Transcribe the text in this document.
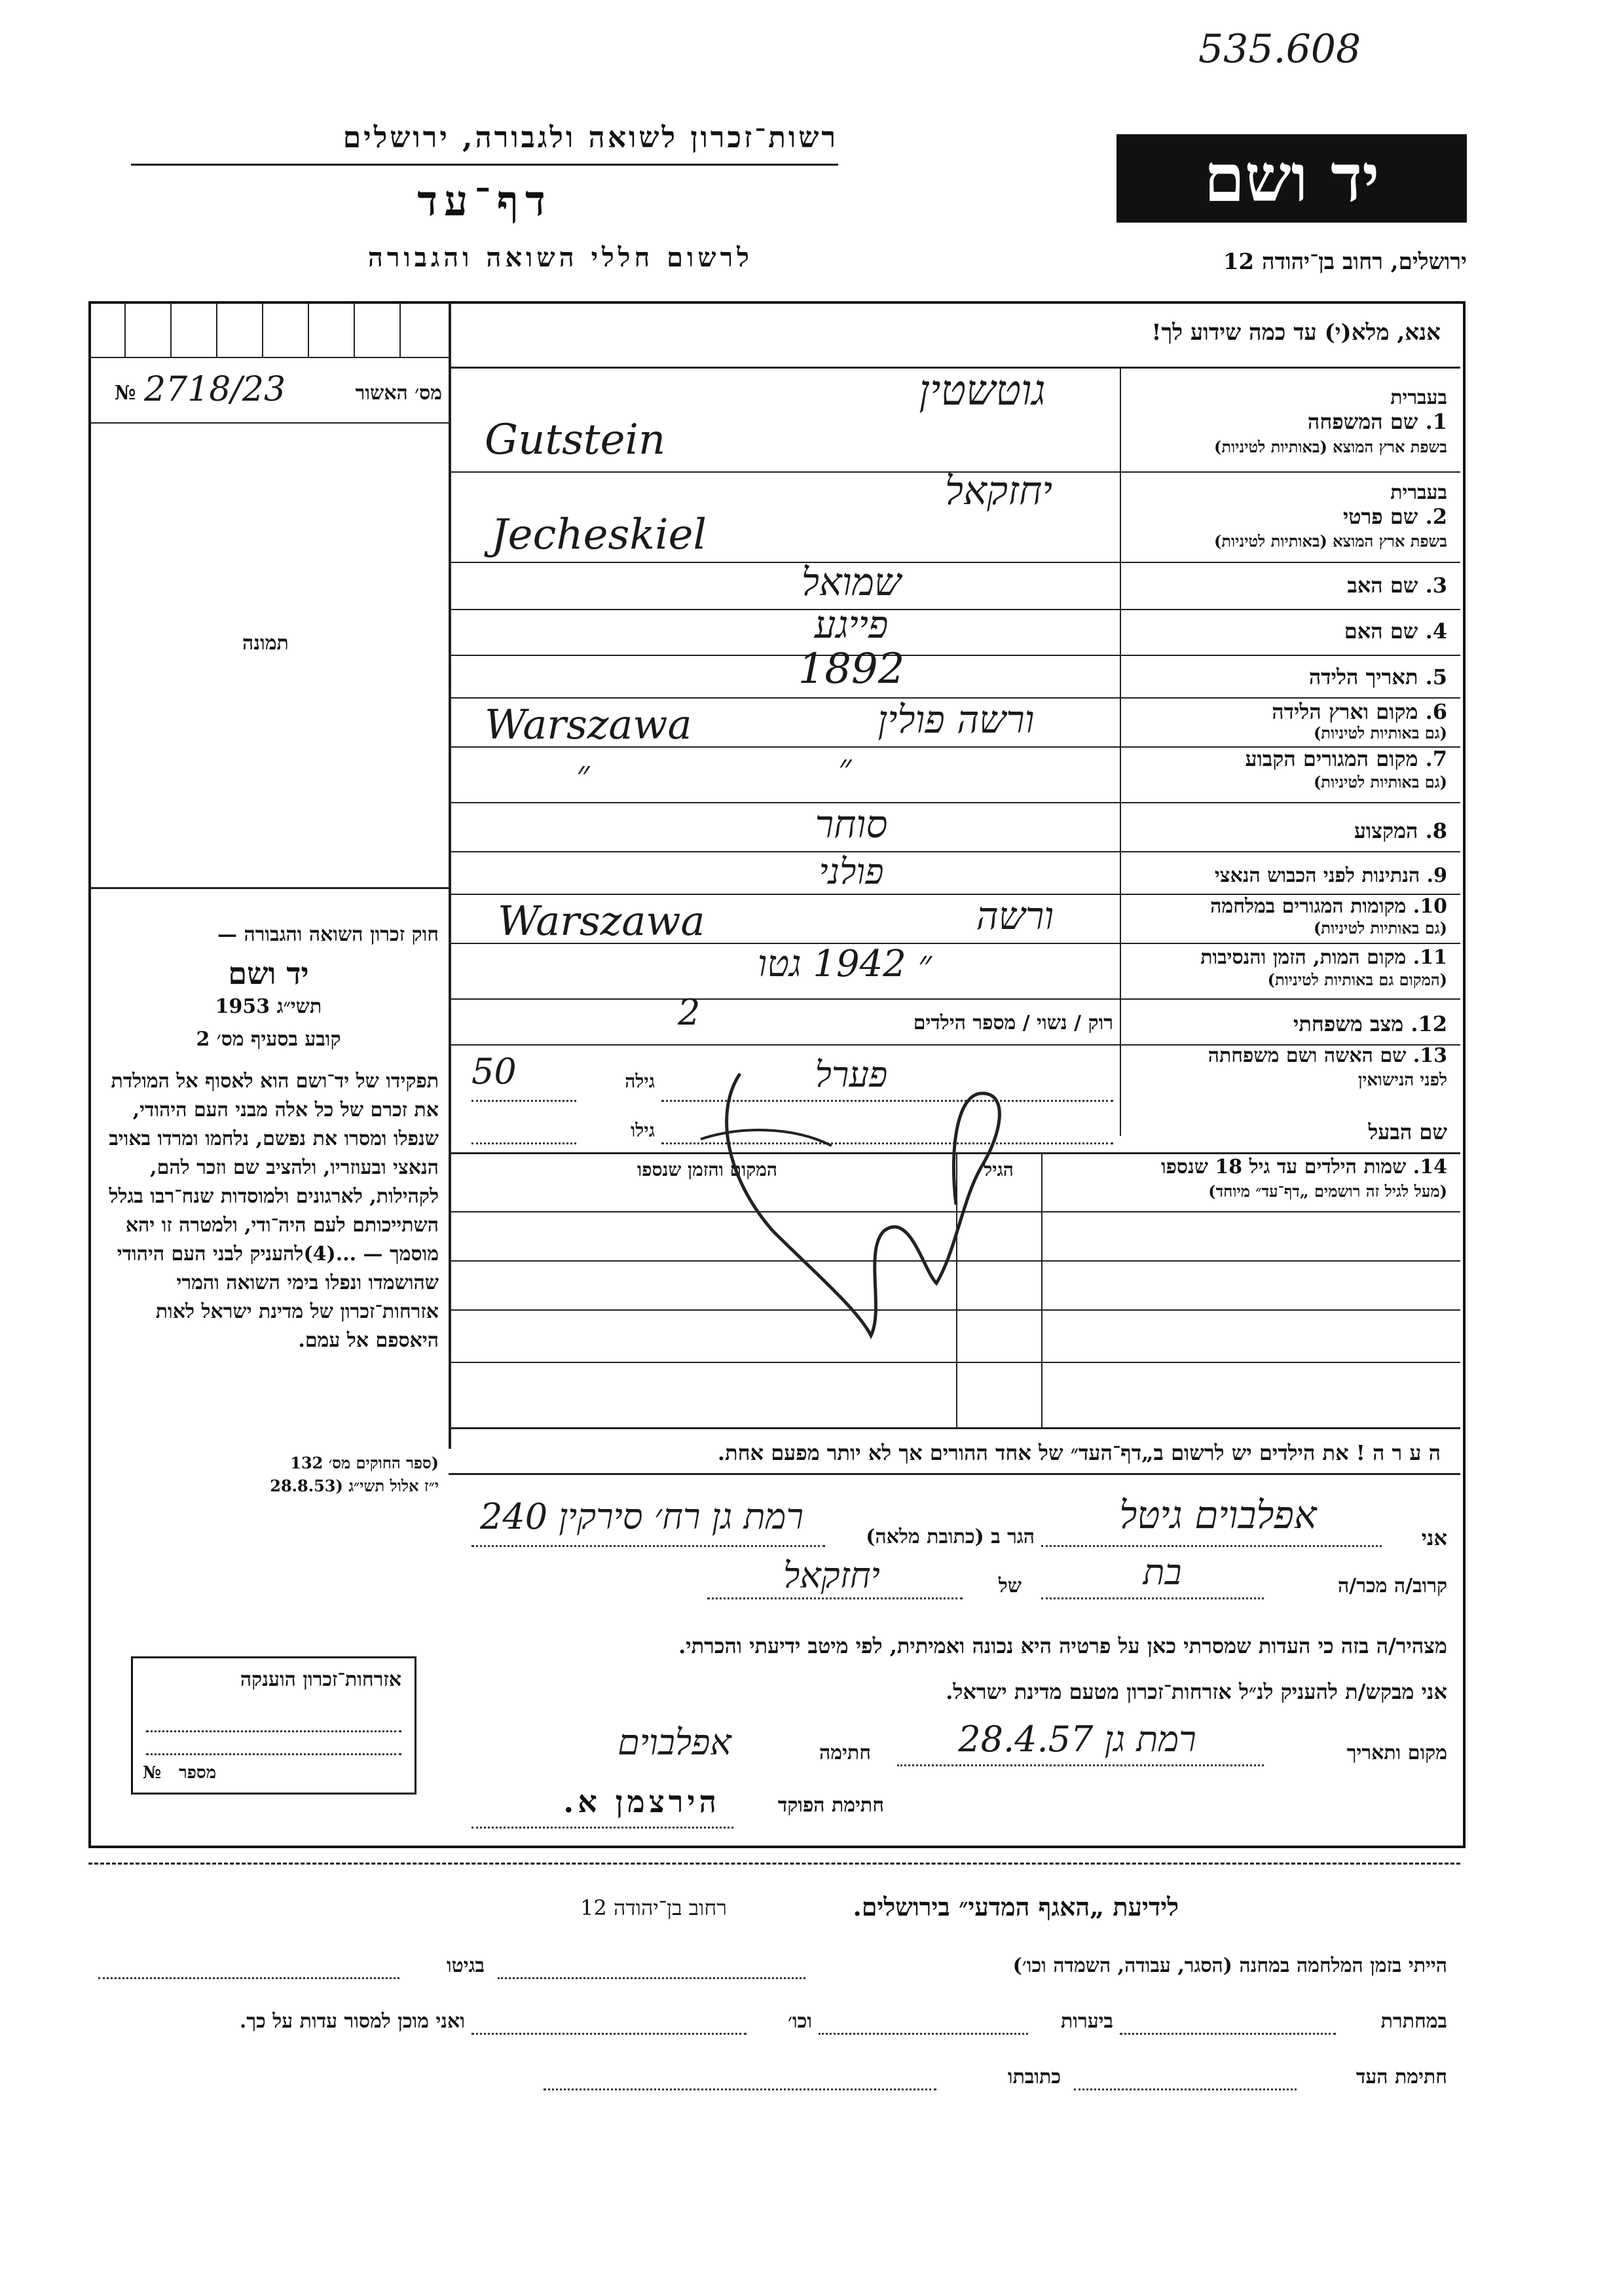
535.608
רשות־זכרון לשואה ולגבורה, ירושלים
דף־עד
לרשום חללי השואה והגבורה
יד ושם
ירושלים, רחוב בן־יהודה 12
אנא, מלא(י) עד כמה שידוע לך!
№ 2718/23	מס׳ האשור
תמונה
חוק זכרון השואה והגבורה —
יד ושם
1953 תשי״ג
קובע בסעיף מס׳ 2
תפקידו של יד־ושם הוא לאסוף אל המולדת את זכרם של כל אלה מבני העם היהודי, שנפלו ומסרו את נפשם, נלחמו ומרדו באויב הנאצי ובעוזריו, ולהציב שם וזכר להם, לקהילות, לארגונים ולמוסדות שנח־רבו בגלל השתייכותם לעם היה־ודי, ולמטרה זו יהא מוסמך — ...(4)להעניק לבני העם היהודי שהושמדו ונפלו בימי השואה והמרי אזרחות־זכרון של מדינת ישראל לאות היאספם אל עמם.
(ספר החוקים מס׳ 132
י״ז אלול תשי״ג (28.8.53
אזרחות־זכרון הוענקה
№ מספר
בעברית
1. שם המשפחה
בשפת ארץ המוצא (באותיות לטיניות)
גוטשטין
Gutstein
בעברית
2. שם פרטי
בשפת ארץ המוצא (באותיות לטיניות)
יחזקאל
Jecheskiel
3. שם האב
שמואל
4. שם האם
פייגע
5. תאריך הלידה
1892
6. מקום וארץ הלידה
(גם באותיות לטיניות)
ורשה פולין
Warszawa
7. מקום המגורים הקבוע
(גם באותיות לטיניות)
״
״
8. המקצוע
סוחר
9. הנתינות לפני הכבוש הנאצי
פולני
10. מקומות המגורים במלחמה
(גם באותיות לטיניות)
ורשה
Warszawa
11. מקום המות, הזמן והנסיבות
(המקום גם באותיות לטיניות)
״ 1942 גטו
12. מצב משפחתי
רוק / נשוי / מספר הילדים
2
13. שם האשה ושם משפחתה
לפני הנישואין
גילה
50	פערל
שם הבעל
גילו
14. שמות הילדים עד גיל 18 שנספו
(מעל לגיל זה רושמים „דף־עד״ מיוחד)
הגיל
המקום והזמן שנספו
ה ע ר ה ! את הילדים יש לרשום ב„דף־העד״ של אחד ההורים אך לא יותר מפעם אחת.
אני
אפלבוים גיטל
הגר ב (כתובת מלאה)
רמת גן רח׳ סירקין 240
קרוב/ה מכר/ה
בת
של
יחזקאל
מצהיר/ה בזה כי העדות שמסרתי כאן על פרטיה היא נכונה ואמיתית, לפי מיטב ידיעתי והכרתי.
אני מבקש/ת להעניק לנ״ל אזרחות־זכרון מטעם מדינת ישראל.
מקום ותאריך
רמת גן 28.4.57
חתימה
אפלבוים
חתימת הפוקד
הירצמן א.
לידיעת „האגף המדעי״ בירושלים.
רחוב בן־יהודה 12
הייתי בזמן המלחמה במחנה (הסגר, עבודה, השמדה וכו׳)
בגיטו
במחתרת
ביערות
וכו׳
ואני מוכן למסור עדות על כך.
חתימת העד
כתובתו
